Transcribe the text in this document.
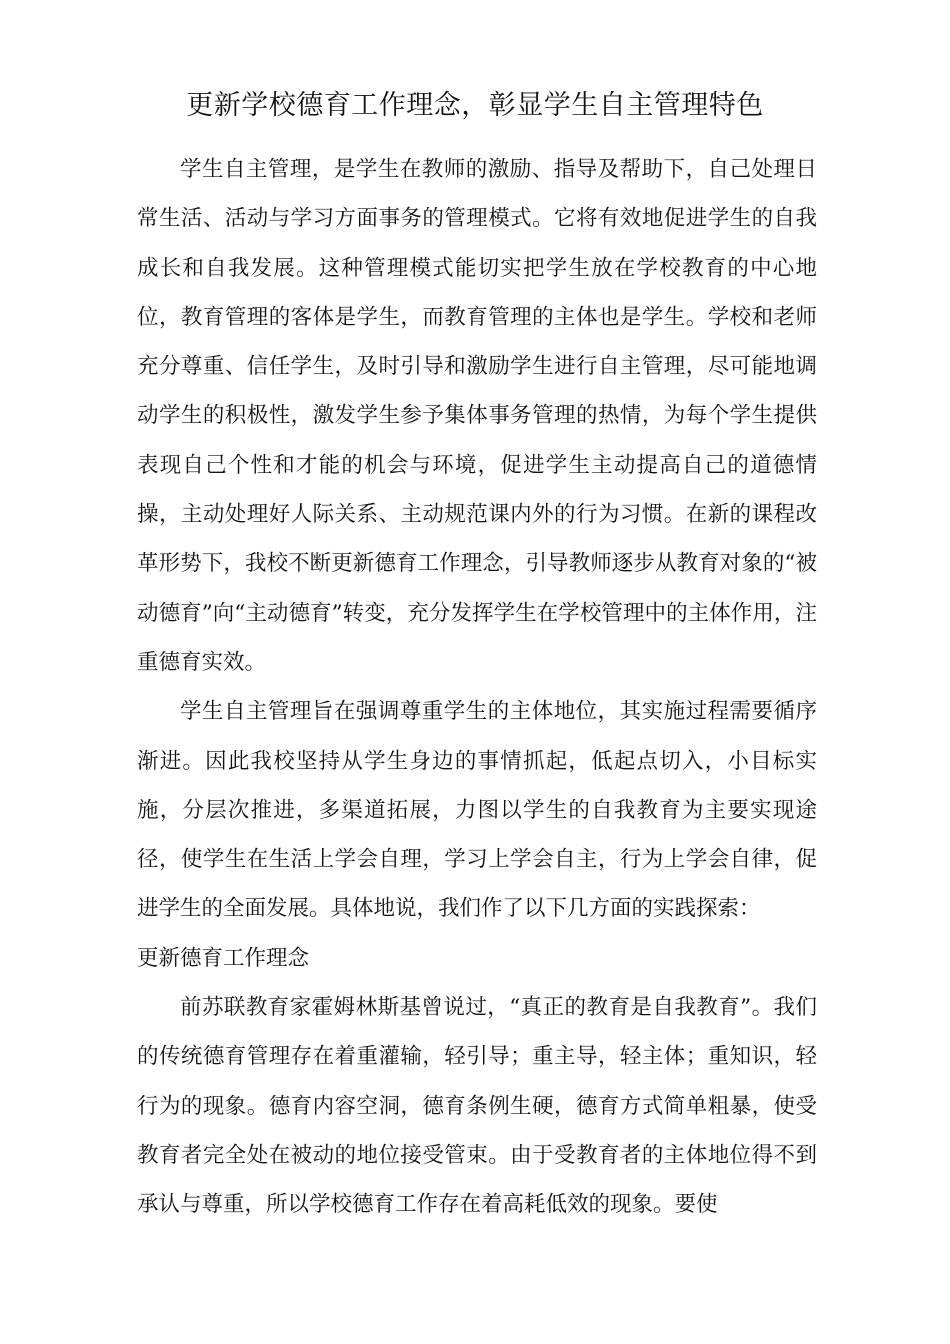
更新学校德育工作理念，彰显学生自主管理特色

学生自主管理，是学生在教师的激励、指导及帮助下，自己处理日常生活、活动与学习方面事务的管理模式。它将有效地促进学生的自我成长和自我发展。这种管理模式能切实把学生放在学校教育的中心地位，教育管理的客体是学生，而教育管理的主体也是学生。学校和老师充分尊重、信任学生，及时引导和激励学生进行自主管理，尽可能地调动学生的积极性，激发学生参予集体事务管理的热情，为每个学生提供表现自己个性和才能的机会与环境，促进学生主动提高自己的道德情操，主动处理好人际关系、主动规范课内外的行为习惯。在新的课程改革形势下，我校不断更新德育工作理念，引导教师逐步从教育对象的“被动德育”向“主动德育”转变，充分发挥学生在学校管理中的主体作用，注重德育实效。

学生自主管理旨在强调尊重学生的主体地位，其实施过程需要循序渐进。因此我校坚持从学生身边的事情抓起，低起点切入，小目标实施，分层次推进，多渠道拓展，力图以学生的自我教育为主要实现途径，使学生在生活上学会自理，学习上学会自主，行为上学会自律，促进学生的全面发展。具体地说，我们作了以下几方面的实践探索：

更新德育工作理念

前苏联教育家霍姆林斯基曾说过，“真正的教育是自我教育”。我们的传统德育管理存在着重灌输，轻引导；重主导，轻主体；重知识，轻行为的现象。德育内容空洞，德育条例生硬，德育方式简单粗暴，使受教育者完全处在被动的地位接受管束。由于受教育者的主体地位得不到承认与尊重，所以学校德育工作存在着高耗低效的现象。要使
